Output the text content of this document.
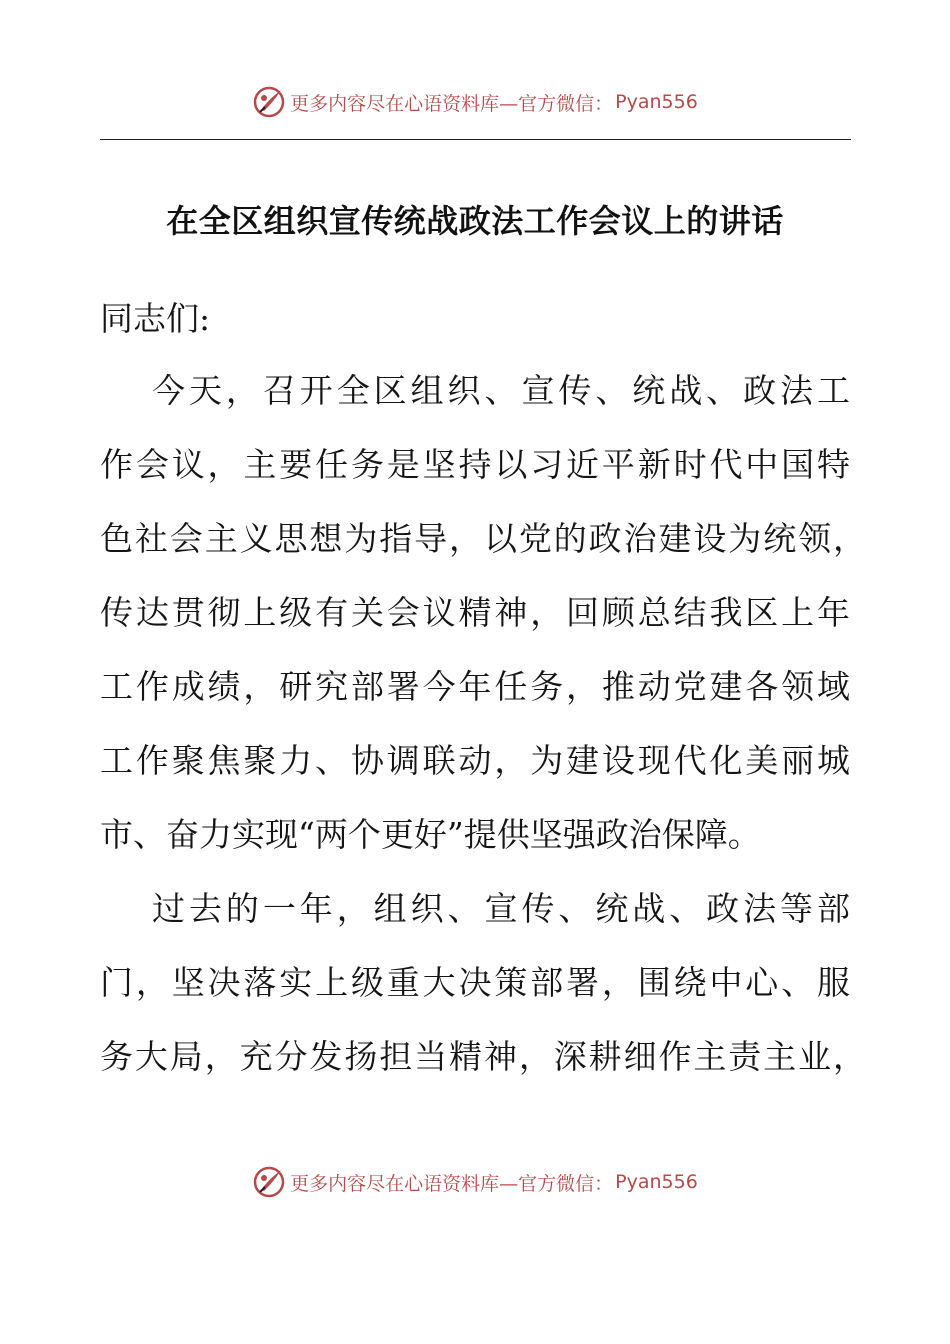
更多内容尽在心语资料库—官方微信： Pyan556
在全区组织宣传统战政法工作会议上的讲话
同志们:
今天，召开全区组织、宣传、统战、政法工
作会议，主要任务是坚持以习近平新时代中国特
色社会主义思想为指导，以党的政治建设为统领，
传达贯彻上级有关会议精神，回顾总结我区上年
工作成绩，研究部署今年任务，推动党建各领域
工作聚焦聚力、协调联动，为建设现代化美丽城
市、奋力实现“两个更好”提供坚强政治保障。
过去的一年，组织、宣传、统战、政法等部
门，坚决落实上级重大决策部署，围绕中心、服
务大局，充分发扬担当精神，深耕细作主责主业，
更多内容尽在心语资料库—官方微信： Pyan556
